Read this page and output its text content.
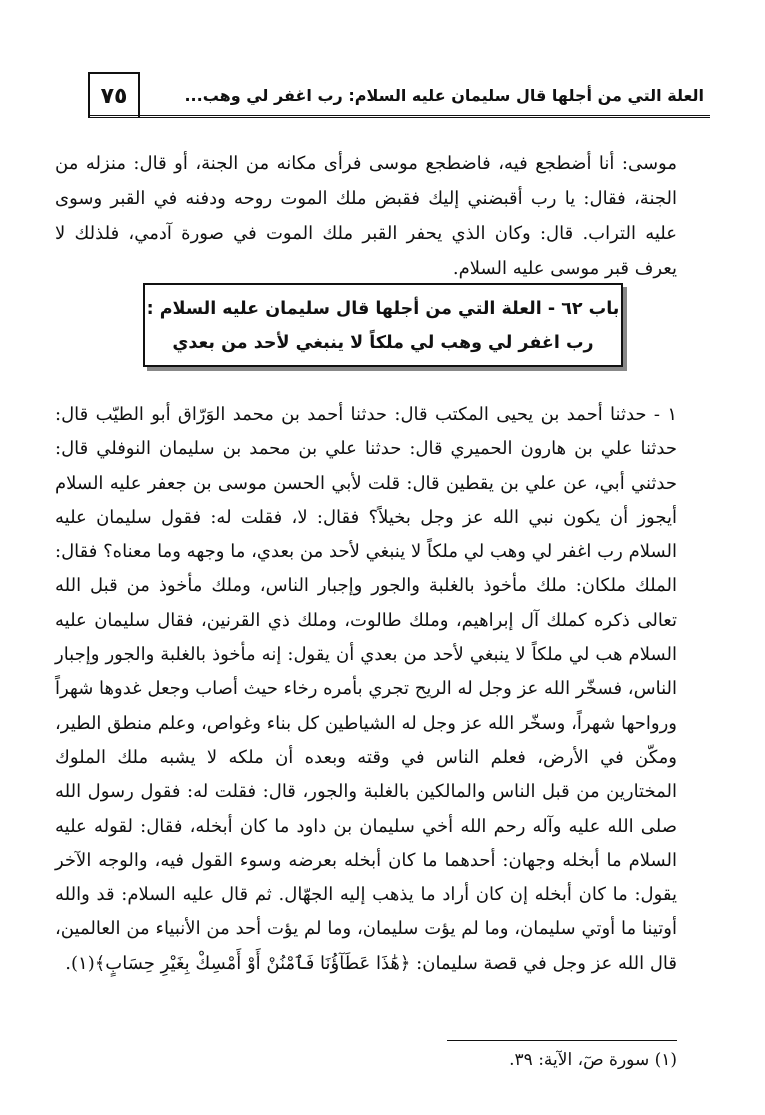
العلة التي من أجلها قال سليمان عليه السلام: رب اغفر لي وهب...
٧٥

موسى: أنا أضطجع فيه، فاضطجع موسى فرأى مكانه من الجنة، أو قال: منزله من الجنة، فقال: يا رب أقبضني إليك فقبض ملك الموت روحه ودفنه في القبر وسوى عليه التراب. قال: وكان الذي يحفر القبر ملك الموت في صورة آدمي، فلذلك لا يعرف قبر موسى عليه السلام.

باب ٦٢ - العلة التي من أجلها قال سليمان عليه السلام :
رب اغفر لي وهب لي ملكاً لا ينبغي لأحد من بعدي

١ - حدثنا أحمد بن يحيى المكتب قال: حدثنا أحمد بن محمد الوَرّاق أبو الطيّب قال: حدثنا علي بن هارون الحميري قال: حدثنا علي بن محمد بن سليمان النوفلي قال: حدثني أبي، عن علي بن يقطين قال: قلت لأبي الحسن موسى بن جعفر عليه السلام أيجوز أن يكون نبي الله عز وجل بخيلاً؟ فقال: لا، فقلت له: فقول سليمان عليه السلام رب اغفر لي وهب لي ملكاً لا ينبغي لأحد من بعدي، ما وجهه وما معناه؟ فقال: الملك ملكان: ملك مأخوذ بالغلبة والجور وإجبار الناس، وملك مأخوذ من قبل الله تعالى ذكره كملك آل إبراهيم، وملك طالوت، وملك ذي القرنين، فقال سليمان عليه السلام هب لي ملكاً لا ينبغي لأحد من بعدي أن يقول: إنه مأخوذ بالغلبة والجور وإجبار الناس، فسخّر الله عز وجل له الريح تجري بأمره رخاء حيث أصاب وجعل غدوها شهراً ورواحها شهراً، وسخّر الله عز وجل له الشياطين كل بناء وغواص، وعلم منطق الطير، ومكّن في الأرض، فعلم الناس في وقته وبعده أن ملكه لا يشبه ملك الملوك المختارين من قبل الناس والمالكين بالغلبة والجور، قال: فقلت له: فقول رسول الله صلى الله عليه وآله رحم الله أخي سليمان بن داود ما كان أبخله، فقال: لقوله عليه السلام ما أبخله وجهان: أحدهما ما كان أبخله بعرضه وسوء القول فيه، والوجه الآخر يقول: ما كان أبخله إن كان أراد ما يذهب إليه الجهّال. ثم قال عليه السلام: قد والله أوتينا ما أوتي سليمان، وما لم يؤت سليمان، وما لم يؤت أحد من الأنبياء من العالمين، قال الله عز وجل في قصة سليمان: ﴿هَٰذَا عَطَآؤُنَا فَٱمْنُنْ أَوْ أَمْسِكْ بِغَيْرِ حِسَابٍ﴾(١).

(١) سورة صٓ، الآية: ٣٩.
